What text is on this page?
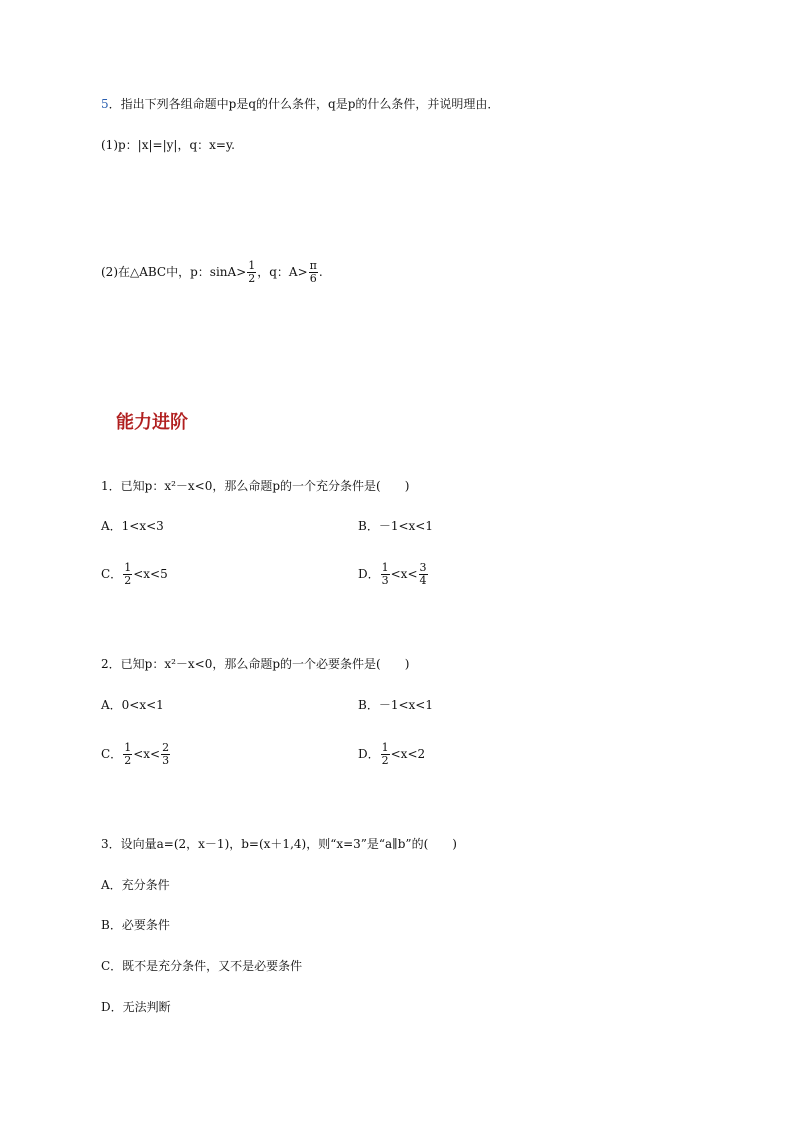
5．指出下列各组命题中p是q的什么条件，q是p的什么条件，并说明理由．
(1)p：|x|=|y|，q：x=y.
(2)在△ABC中，p：$\sin A> \frac{1}{2}$ ，q：$A> \frac{\pi}{6}$ .
能力进阶
1．已知p：x²－x<0，那么命题p的一个充分条件是(　　)
A．1<x<3	B．－1<x<1
C． $\frac{1}{2} <x<5$	D． $\frac{1}{3} <x< \frac{3}{4}$
2．已知p：x²－x<0，那么命题p的一个必要条件是(　　)
A．0<x<1	B．－1<x<1
C． $\frac{1}{2} <x< \frac{2}{3}$	D． $\frac{1}{2} <x<2$
3．设向量a=(2，x－1)，b=(x＋1,4)，则“x=3”是“a∥b”的(　　)
A．充分条件
B．必要条件
C．既不是充分条件，又不是必要条件
D．无法判断
